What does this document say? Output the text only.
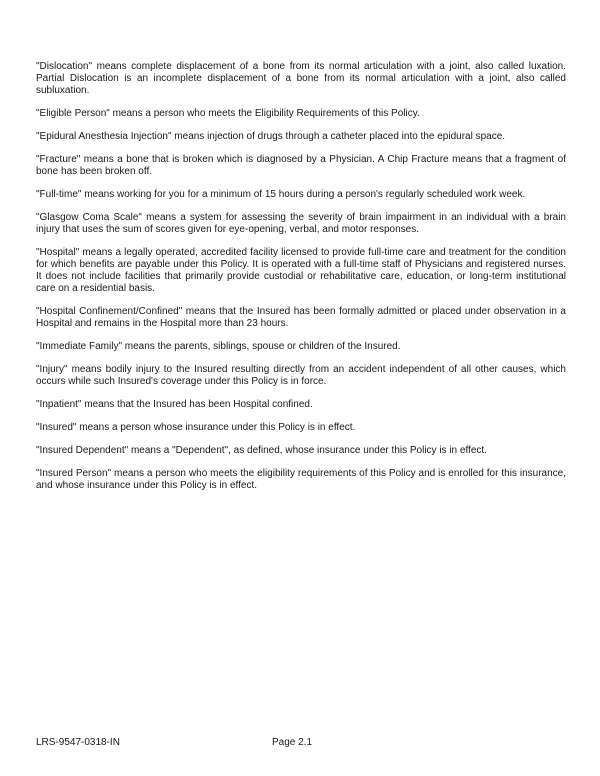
"Dislocation" means complete displacement of a bone from its normal articulation with a joint, also called luxation. Partial Dislocation is an incomplete displacement of a bone from its normal articulation with a joint, also called subluxation.

"Eligible Person" means a person who meets the Eligibility Requirements of this Policy.

"Epidural Anesthesia Injection" means injection of drugs through a catheter placed into the epidural space.

"Fracture" means a bone that is broken which is diagnosed by a Physician. A Chip Fracture means that a fragment of bone has been broken off.

"Full-time" means working for you for a minimum of 15 hours during a person's regularly scheduled work week.

"Glasgow Coma Scale" means a system for assessing the severity of brain impairment in an individual with a brain injury that uses the sum of scores given for eye-opening, verbal, and motor responses.

"Hospital" means a legally operated, accredited facility licensed to provide full-time care and treatment for the condition for which benefits are payable under this Policy. It is operated with a full-time staff of Physicians and registered nurses. It does not include facilities that primarily provide custodial or rehabilitative care, education, or long-term institutional care on a residential basis.

"Hospital Confinement/Confined" means that the Insured has been formally admitted or placed under observation in a Hospital and remains in the Hospital more than 23 hours.

"Immediate Family" means the parents, siblings, spouse or children of the Insured.

"Injury" means bodily injury to the Insured resulting directly from an accident independent of all other causes, which occurs while such Insured's coverage under this Policy is in force.

"Inpatient" means that the Insured has been Hospital confined.

"Insured" means a person whose insurance under this Policy is in effect.

"Insured Dependent" means a "Dependent", as defined, whose insurance under this Policy is in effect.

"Insured Person" means a person who meets the eligibility requirements of this Policy and is enrolled for this insurance, and whose insurance under this Policy is in effect.

LRS-9547-0318-IN	Page 2.1
